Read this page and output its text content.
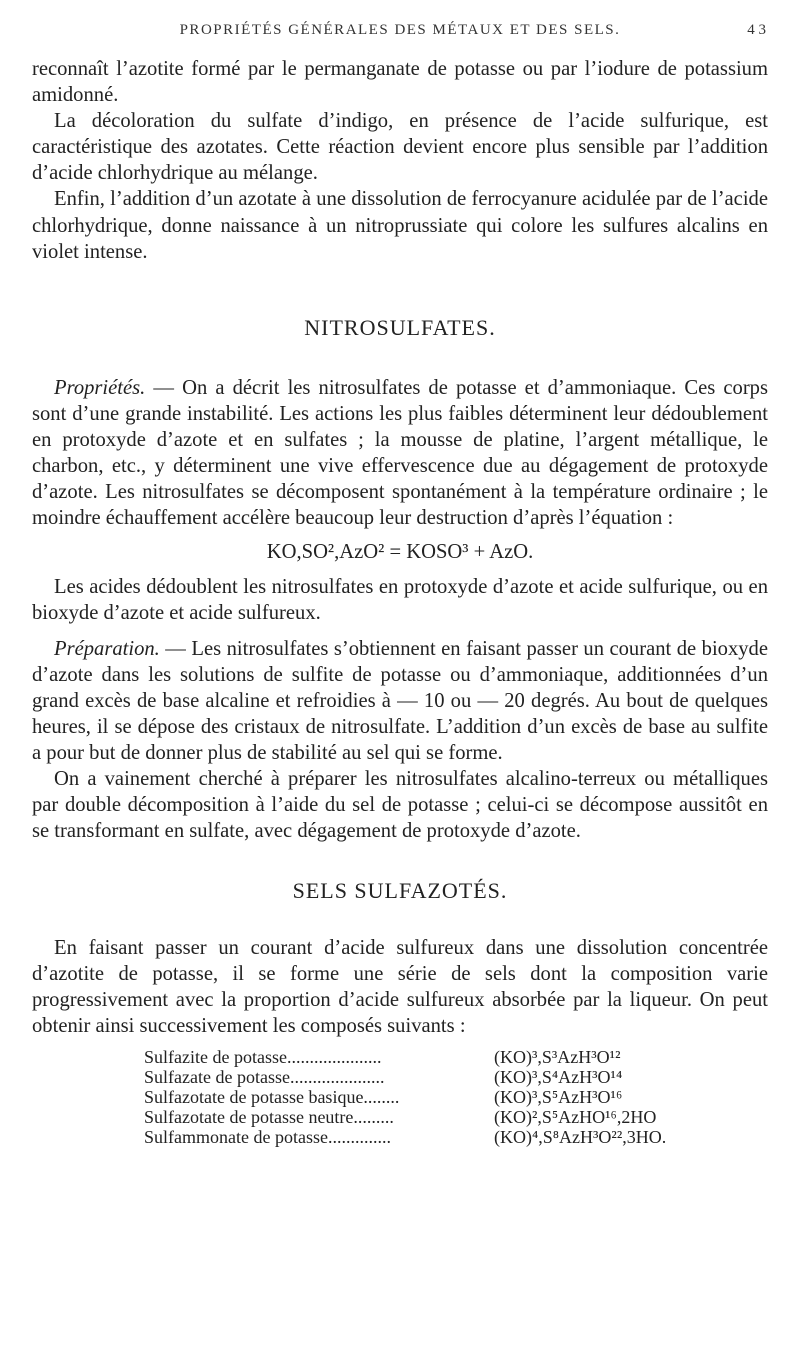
PROPRIÉTÉS GÉNÉRALES DES MÉTAUX ET DES SELS.	4 3

reconnaît l’azotite formé par le permanganate de potasse ou par l’iodure de potassium amidonné.

La décoloration du sulfate d’indigo, en présence de l’acide sulfurique, est caractéristique des azotates. Cette réaction devient encore plus sensible par l’addition d’acide chlorhydrique au mélange.

Enfin, l’addition d’un azotate à une dissolution de ferrocyanure acidulée par de l’acide chlorhydrique, donne naissance à un nitroprussiate qui colore les sulfures alcalins en violet intense.

NITROSULFATES.

Propriétés. — On a décrit les nitrosulfates de potasse et d’ammoniaque. Ces corps sont d’une grande instabilité. Les actions les plus faibles déterminent leur dédoublement en protoxyde d’azote et en sulfates ; la mousse de platine, l’argent métallique, le charbon, etc., y déterminent une vive effervescence due au dégagement de protoxyde d’azote. Les nitrosulfates se décomposent spontanément à la température ordinaire ; le moindre échauffement accélère beaucoup leur destruction d’après l’équation :

KO,SO²,AzO² = KOSO³ + AzO.

Les acides dédoublent les nitrosulfates en protoxyde d’azote et acide sulfurique, ou en bioxyde d’azote et acide sulfureux.

Préparation. — Les nitrosulfates s’obtiennent en faisant passer un courant de bioxyde d’azote dans les solutions de sulfite de potasse ou d’ammoniaque, additionnées d’un grand excès de base alcaline et refroidies à — 10 ou — 20 degrés. Au bout de quelques heures, il se dépose des cristaux de nitrosulfate. L’addition d’un excès de base au sulfite a pour but de donner plus de stabilité au sel qui se forme.

On a vainement cherché à préparer les nitrosulfates alcalino-terreux ou métalliques par double décomposition à l’aide du sel de potasse ; celui-ci se décompose aussitôt en se transformant en sulfate, avec dégagement de protoxyde d’azote.

SELS SULFAZOTÉS.

En faisant passer un courant d’acide sulfureux dans une dissolution concentrée d’azotite de potasse, il se forme une série de sels dont la composition varie progressivement avec la proportion d’acide sulfureux absorbée par la liqueur. On peut obtenir ainsi successivement les composés suivants :

Sulfazite de potasse.....................	(KO)³,S³AzH³O¹²
Sulfazate de potasse.....................	(KO)³,S⁴AzH³O¹⁴
Sulfazotate de potasse basique........	(KO)³,S⁵AzH³O¹⁶
Sulfazotate de potasse neutre.........	(KO)²,S⁵AzHO¹⁶,2HO
Sulfammonate de potasse..............	(KO)⁴,S⁸AzH³O²²,3HO.
